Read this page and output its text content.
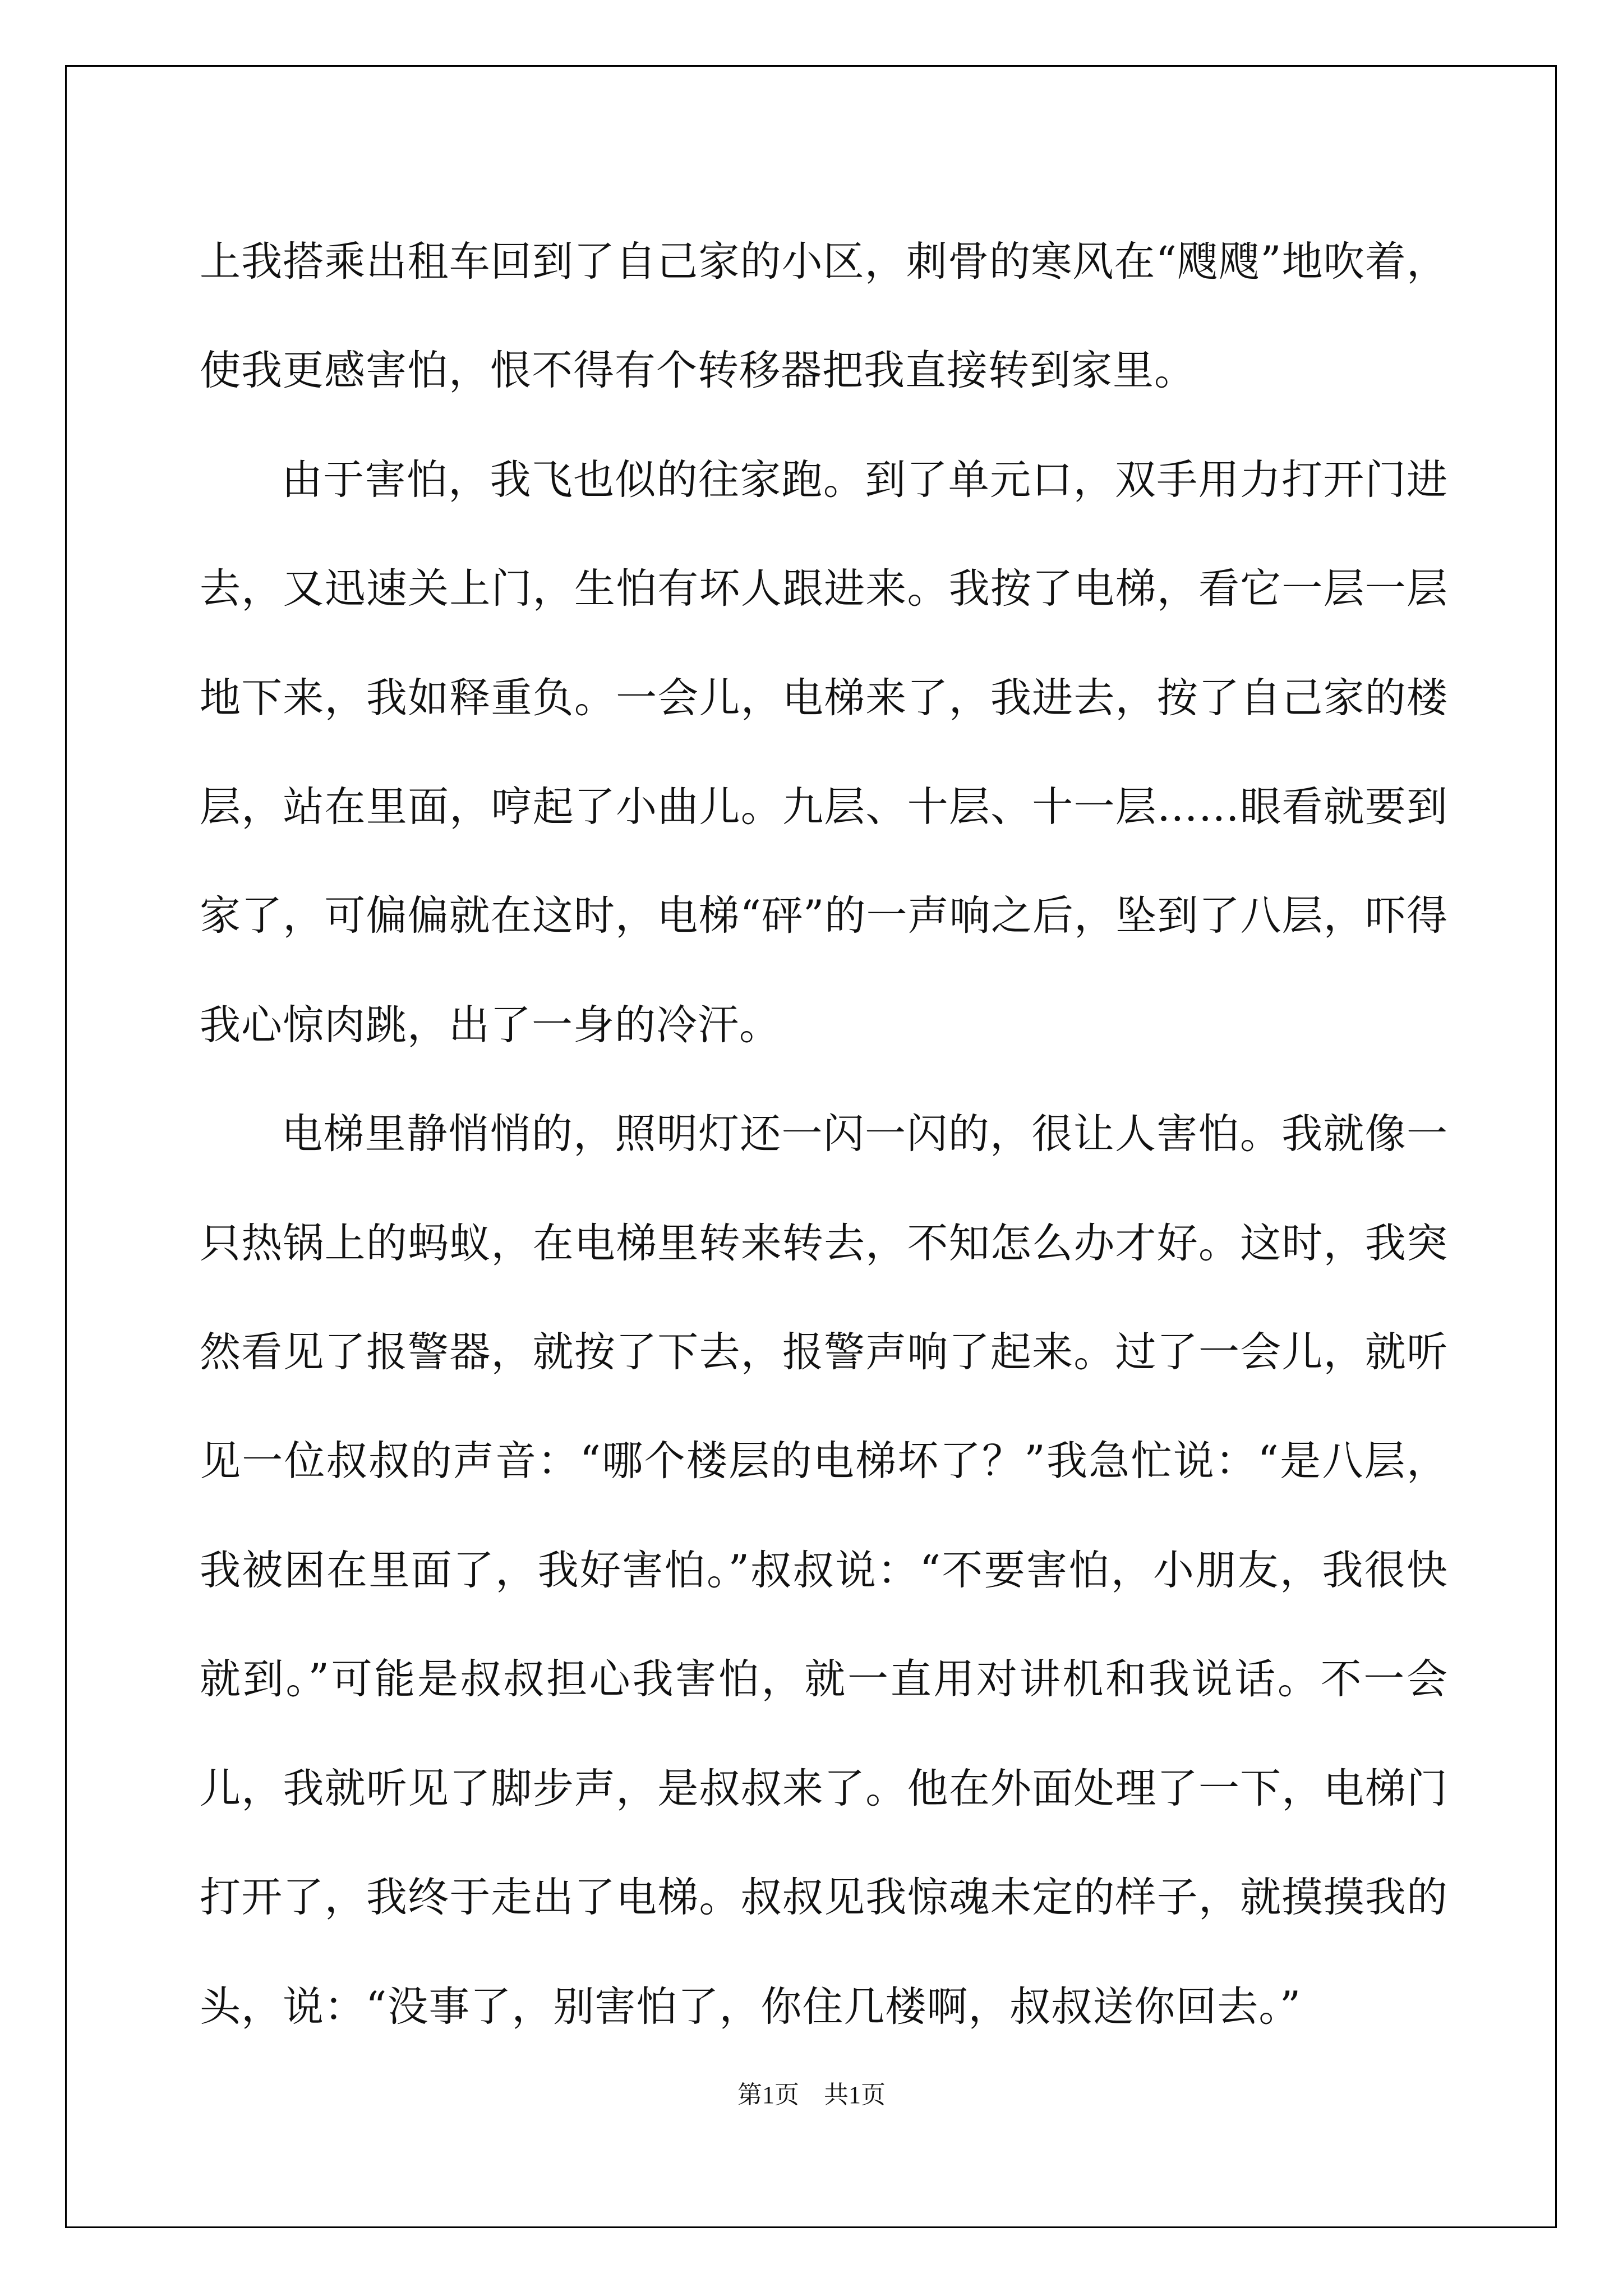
上我搭乘出租车回到了自己家的小区，刺骨的寒风在“飕飕”地吹着，使我更感害怕，恨不得有个转移器把我直接转到家里。

由于害怕，我飞也似的往家跑。到了单元口，双手用力打开门进去，又迅速关上门，生怕有坏人跟进来。我按了电梯，看它一层一层地下来，我如释重负。一会儿，电梯来了，我进去，按了自己家的楼层，站在里面，哼起了小曲儿。九层、十层、十一层……眼看就要到家了，可偏偏就在这时，电梯“砰”的一声响之后，坠到了八层，吓得我心惊肉跳，出了一身的冷汗。

电梯里静悄悄的，照明灯还一闪一闪的，很让人害怕。我就像一只热锅上的蚂蚁，在电梯里转来转去，不知怎么办才好。这时，我突然看见了报警器，就按了下去，报警声响了起来。过了一会儿，就听见一位叔叔的声音：“哪个楼层的电梯坏了？”我急忙说：“是八层，我被困在里面了，我好害怕。”叔叔说：“不要害怕，小朋友，我很快就到。”可能是叔叔担心我害怕，就一直用对讲机和我说话。不一会儿，我就听见了脚步声，是叔叔来了。他在外面处理了一下，电梯门打开了，我终于走出了电梯。叔叔见我惊魂未定的样子，就摸摸我的头，说：“没事了，别害怕了，你住几楼啊，叔叔送你回去。”

第1页　共1页
